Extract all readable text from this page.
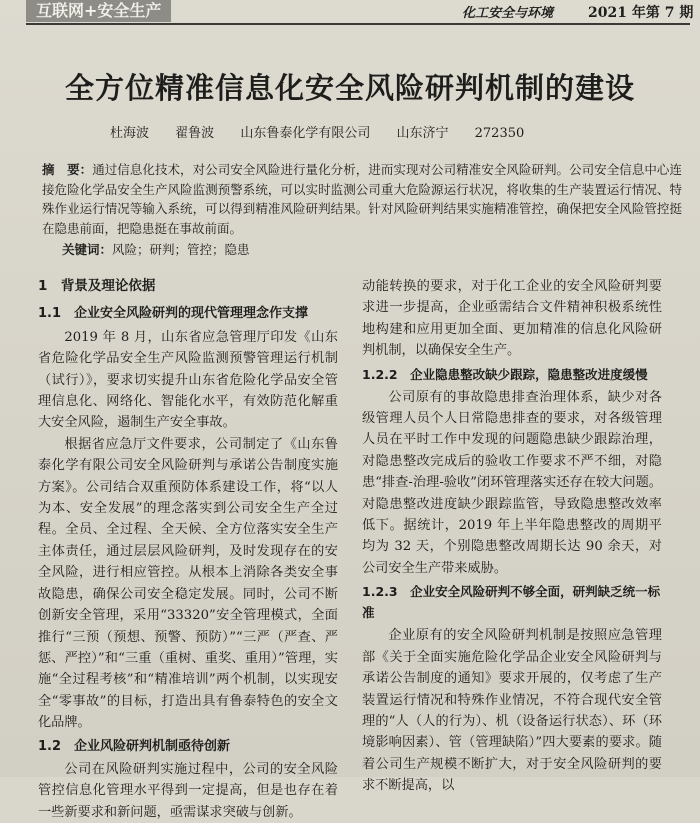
互联网+安全生产	化工安全与环境 2021 年第 7 期
全方位精准信息化安全风险研判机制的建设
杜海波 翟鲁波 山东鲁泰化学有限公司 山东济宁 272350
摘　要：通过信息化技术，对公司安全风险进行量化分析，进而实现对公司精准安全风险研判。公司安全信息中心连接危险化学品安全生产风险监测预警系统，可以实时监测公司重大危险源运行状况，将收集的生产装置运行情况、特殊作业运行情况等输入系统，可以得到精准风险研判结果。针对风险研判结果实施精准管控，确保把安全风险管控挺在隐患前面，把隐患挺在事故前面。
关键词：风险；研判；管控；隐患
1　背景及理论依据
1.1　企业安全风险研判的现代管理理念作支撑

2019 年 8 月，山东省应急管理厅印发《山东省危险化学品安全生产风险监测预警管理运行机制（试行）》，要求切实提升山东省危险化学品安全管理信息化、网络化、智能化水平，有效防范化解重大安全风险，遏制生产安全事故。

根据省应急厅文件要求，公司制定了《山东鲁泰化学有限公司安全风险研判与承诺公告制度实施方案》。公司结合双重预防体系建设工作，将“以人为本、安全发展”的理念落实到公司安全生产全过程。全员、全过程、全天候、全方位落实安全生产主体责任，通过层层风险研判，及时发现存在的安全风险，进行相应管控。从根本上消除各类安全事故隐患，确保公司安全稳定发展。同时，公司不断创新安全管理，采用“33320”安全管理模式，全面推行“三预（预想、预警、预防）”“三严（严查、严惩、严控）”和“三重（重树、重奖、重用）”管理，实施“全过程考核”和“精准培训”两个机制，以实现安全“零事故”的目标，打造出具有鲁泰特色的安全文化品牌。

1.2　企业风险研判机制亟待创新

公司在风险研判实施过程中，公司的安全风险管控信息化管理水平得到一定提高，但是也存在着一些新要求和新问题，亟需谋求突破与创新。

动能转换的要求，对于化工企业的安全风险研判要求进一步提高，企业亟需结合文件精神积极系统性地构建和应用更加全面、更加精准的信息化风险研判机制，以确保安全生产。

1.2.2　企业隐患整改缺少跟踪，隐患整改进度缓慢

公司原有的事故隐患排查治理体系，缺少对各级管理人员个人日常隐患排查的要求，对各级管理人员在平时工作中发现的问题隐患缺少跟踪治理，对隐患整改完成后的验收工作要求不严不细，对隐患“排查-治理-验收”闭环管理落实还存在较大问题。对隐患整改进度缺少跟踪监管，导致隐患整改效率低下。据统计，2019 年上半年隐患整改的周期平均为 32 天，个别隐患整改周期长达 90 余天，对公司安全生产带来威胁。

1.2.3　企业安全风险研判不够全面，研判缺乏统一标准

企业原有的安全风险研判机制是按照应急管理部《关于全面实施危险化学品企业安全风险研判与承诺公告制度的通知》要求开展的，仅考虑了生产装置运行情况和特殊作业情况，不符合现代安全管理的“人（人的行为）、机（设备运行状态）、环（环境影响因素）、管（管理缺陷）”四大要素的要求。随着公司生产规模不断扩大，对于安全风险研判的要求不断提高，以
